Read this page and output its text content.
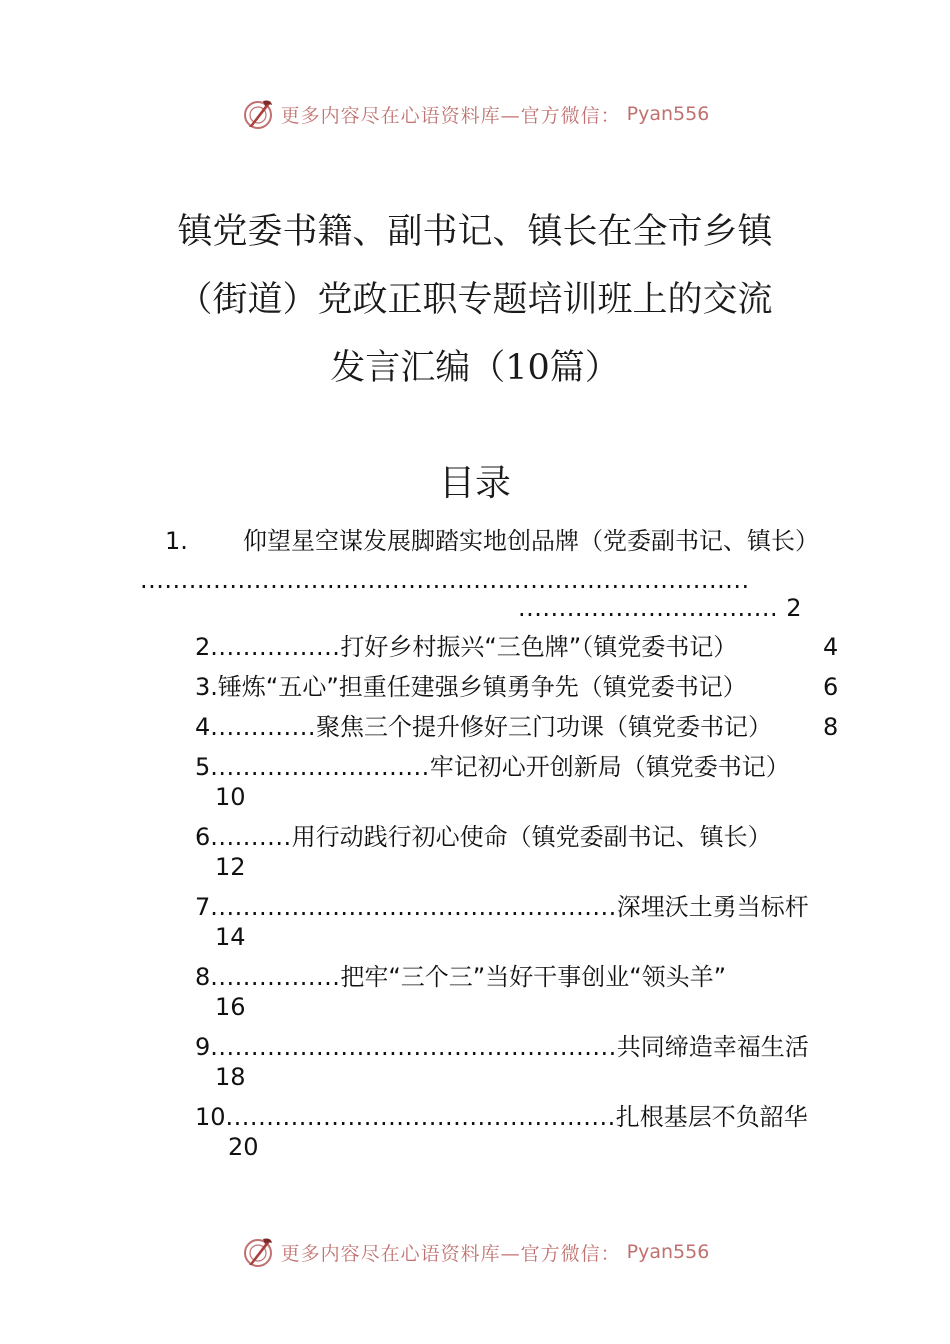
更多内容尽在心语资料库—官方微信： Pyan556
镇党委书籍、副书记、镇长在全市乡镇
（街道）党政正职专题培训班上的交流
发言汇编（10篇）
目录
1. 仰望星空谋发展脚踏实地创品牌（党委副书记、镇长）
...........................................................................
................................ 2
2................打好乡村振兴“三色牌”（镇党委书记）	4
3.锤炼“五心”担重任建强乡镇勇争先（镇党委书记）	6
4.............聚焦三个提升修好三门功课（镇党委书记） 8
5...........................牢记初心开创新局（镇党委书记）
10
6..........用行动践行初心使命（镇党委副书记、镇长）
12
7..................................................深埋沃土勇当标杆
14
8................把牢“三个三”当好干事创业“领头羊”
16
9..................................................共同缔造幸福生活
18
10................................................扎根基层不负韶华
20
更多内容尽在心语资料库—官方微信： Pyan556
